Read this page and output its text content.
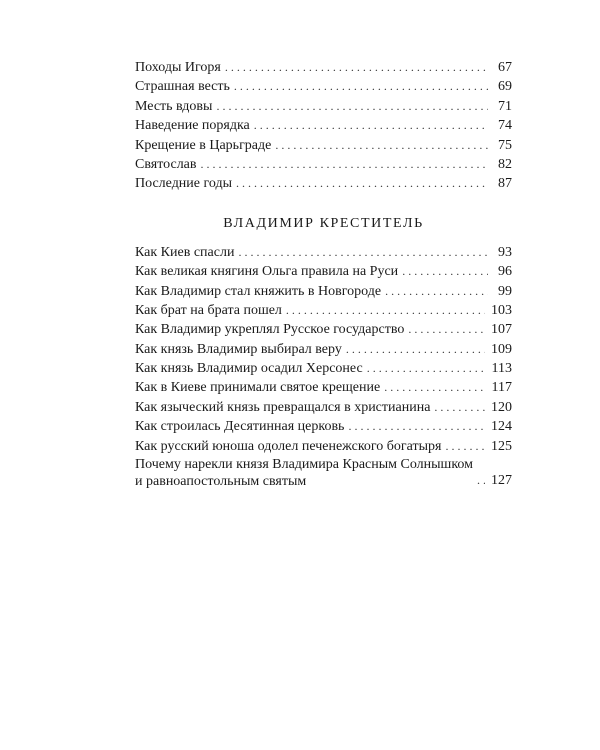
Походы Игоря . . .	67
Страшная весть . . .	69
Месть вдовы . . .	71
Наведение порядка . . .	74
Крещение в Царьграде . . .	75
Святослав . . .	82
Последние годы . . .	87
ВЛАДИМИР КРЕСТИТЕЛЬ
Как Киев спасли . . .	93
Как великая княгиня Ольга правила на Руси . . .	96
Как Владимир стал княжить в Новгороде . . .	99
Как брат на брата пошел . . .	103
Как Владимир укреплял Русское государство . . .	107
Как князь Владимир выбирал веру . . .	109
Как князь Владимир осадил Херсонес . . .	113
Как в Киеве принимали святое крещение . . .	117
Как языческий князь превращался в христианина . . .	120
Как строилась Десятинная церковь . . .	124
Как русский юноша одолел печенежского богатыря . . .	125
Почему нарекли князя Владимира Красным Солнышком
и равноапостольным святым . . .	127
